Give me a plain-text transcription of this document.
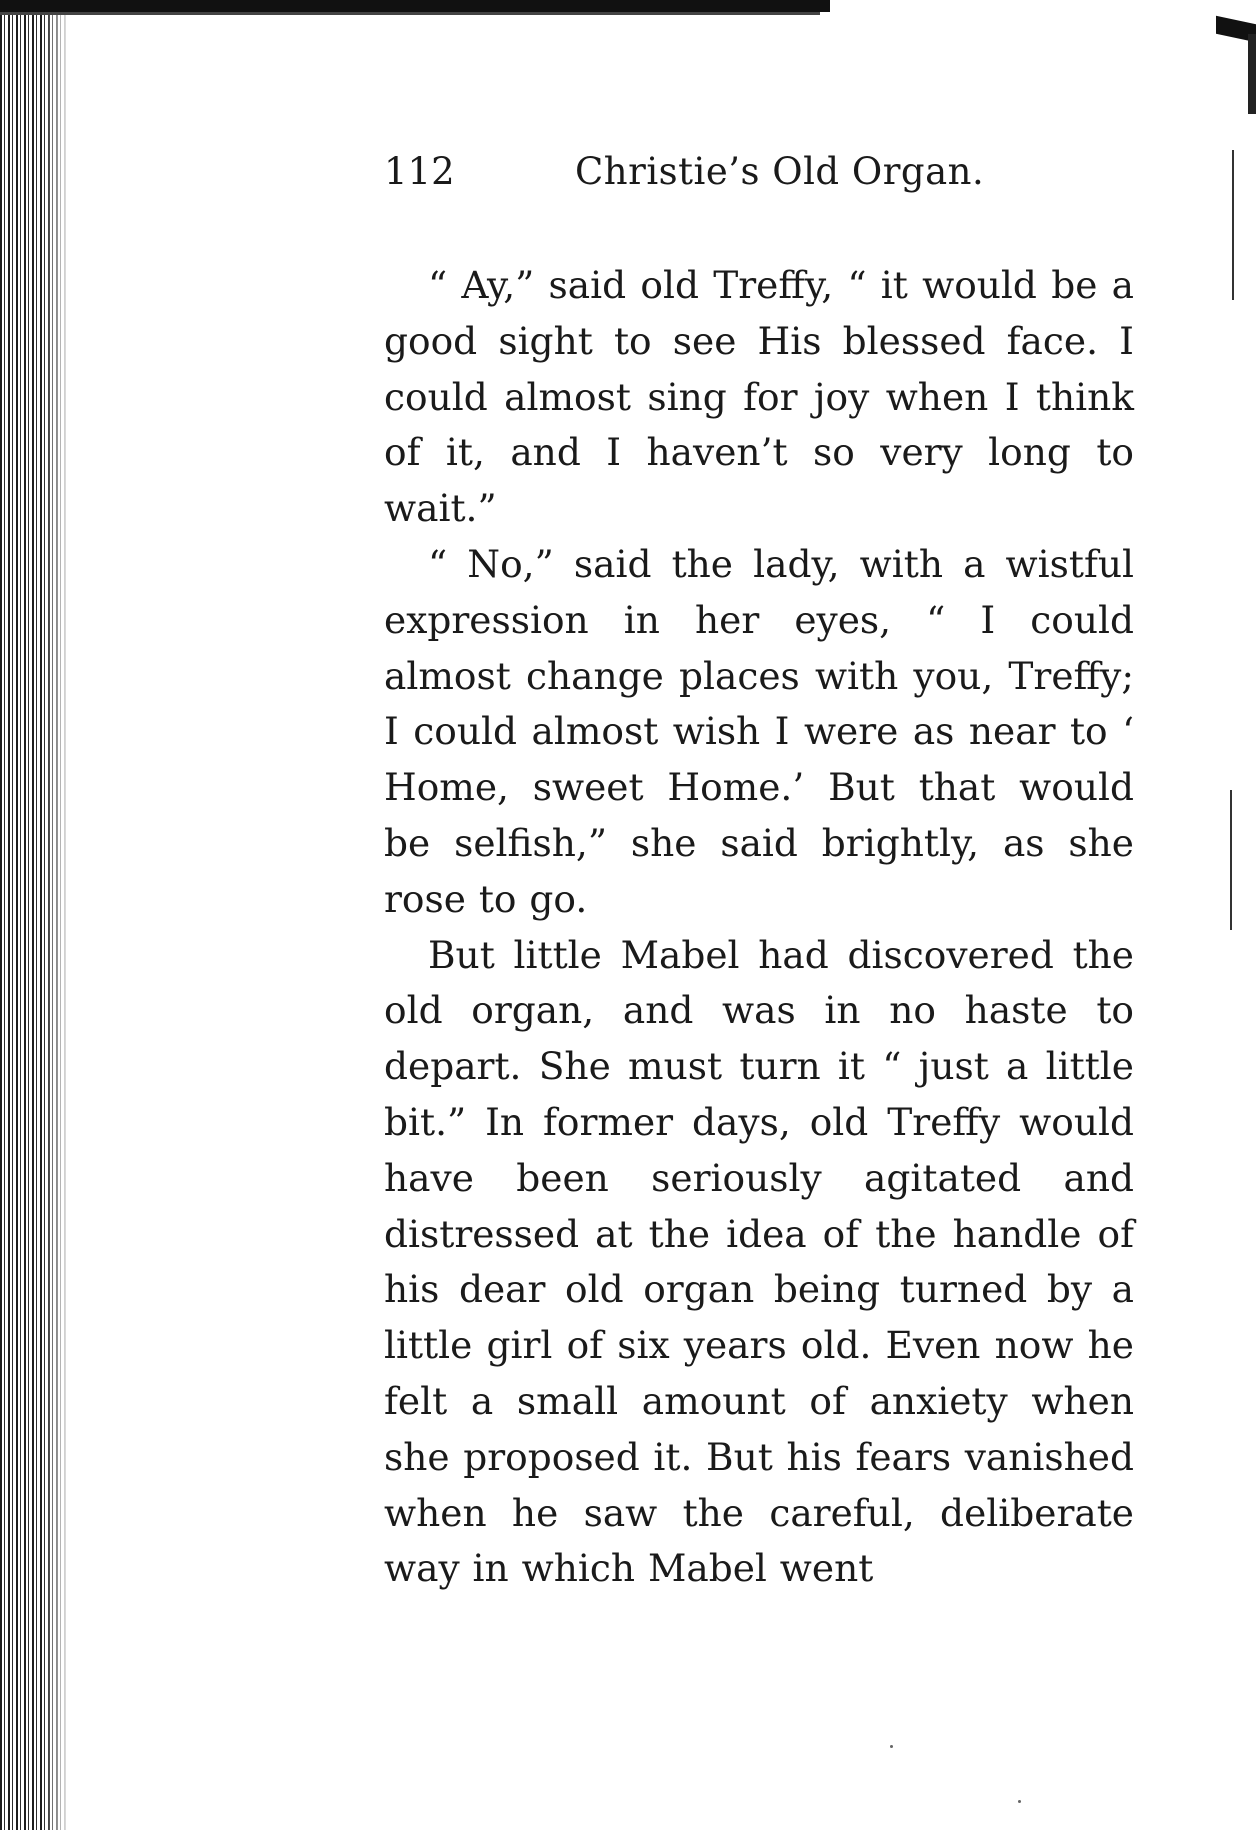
112	Christie’s Old Organ.

“ Ay,” said old Treffy, “ it would be a good sight to see His blessed face. I could almost sing for joy when I think of it, and I haven’t so very long to wait.”

“ No,” said the lady, with a wistful expression in her eyes, “ I could almost change places with you, Treffy; I could almost wish I were as near to ‘ Home, sweet Home.’ But that would be selfish,” she said brightly, as she rose to go.

But little Mabel had discovered the old organ, and was in no haste to depart. She must turn it “ just a little bit.” In former days, old Treffy would have been seriously agitated and distressed at the idea of the handle of his dear old organ being turned by a little girl of six years old. Even now he felt a small amount of anxiety when she proposed it. But his fears vanished when he saw the careful, deliberate way in which Mabel went
